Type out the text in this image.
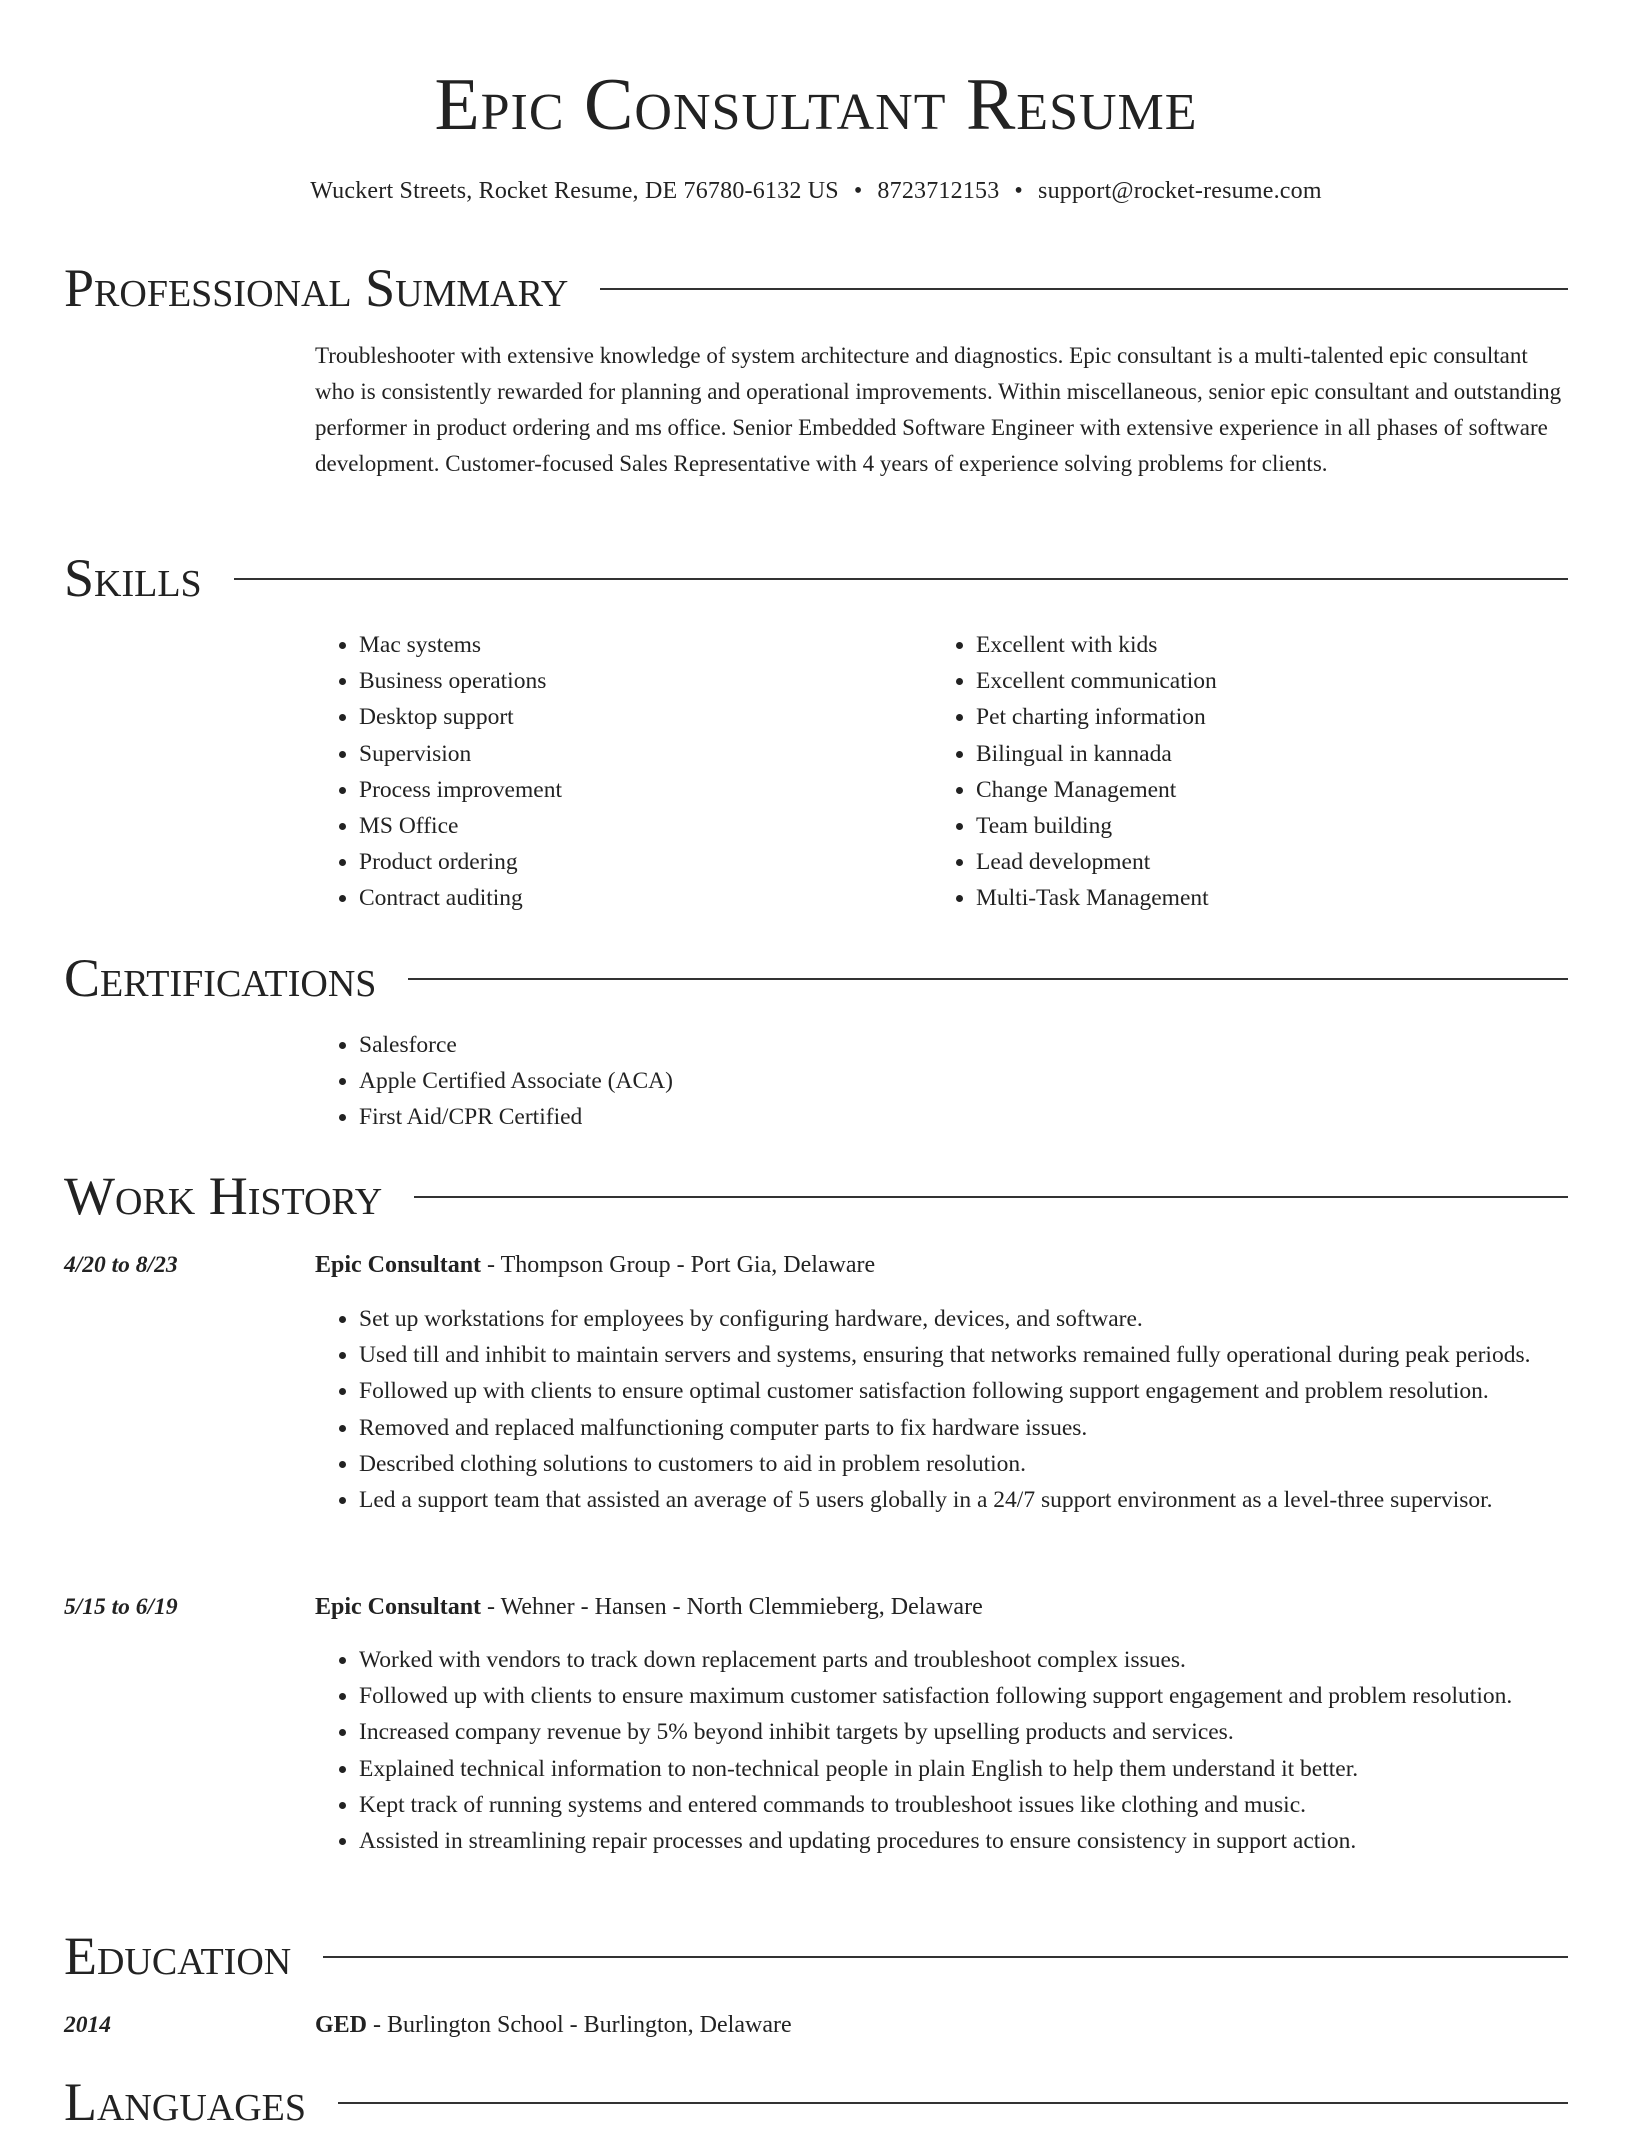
Epic Consultant Resume
Wuckert Streets, Rocket Resume, DE 76780-6132 US • 8723712153 • support@rocket-resume.com
Professional Summary

Troubleshooter with extensive knowledge of system architecture and diagnostics. Epic consultant is a multi-talented epic consultant who is consistently rewarded for planning and operational improvements. Within miscellaneous, senior epic consultant and outstanding performer in product ordering and ms office. Senior Embedded Software Engineer with extensive experience in all phases of software development. Customer-focused Sales Representative with 4 years of experience solving problems for clients.

Skills
• Mac systems
• Business operations
• Desktop support
• Supervision
• Process improvement
• MS Office
• Product ordering
• Contract auditing
• Excellent with kids
• Excellent communication
• Pet charting information
• Bilingual in kannada
• Change Management
• Team building
• Lead development
• Multi-Task Management
Certifications
• Salesforce
• Apple Certified Associate (ACA)
• First Aid/CPR Certified
Work History
4/20 to 8/23	Epic Consultant - Thompson Group - Port Gia, Delaware
• Set up workstations for employees by configuring hardware, devices, and software.
• Used till and inhibit to maintain servers and systems, ensuring that networks remained fully operational during peak periods.
• Followed up with clients to ensure optimal customer satisfaction following support engagement and problem resolution.
• Removed and replaced malfunctioning computer parts to fix hardware issues.
• Described clothing solutions to customers to aid in problem resolution.
• Led a support team that assisted an average of 5 users globally in a 24/7 support environment as a level-three supervisor.
5/15 to 6/19	Epic Consultant - Wehner - Hansen - North Clemmieberg, Delaware
• Worked with vendors to track down replacement parts and troubleshoot complex issues.
• Followed up with clients to ensure maximum customer satisfaction following support engagement and problem resolution.
• Increased company revenue by 5% beyond inhibit targets by upselling products and services.
• Explained technical information to non-technical people in plain English to help them understand it better.
• Kept track of running systems and entered commands to troubleshoot issues like clothing and music.
• Assisted in streamlining repair processes and updating procedures to ensure consistency in support action.
Education
2014	GED - Burlington School - Burlington, Delaware
Languages
